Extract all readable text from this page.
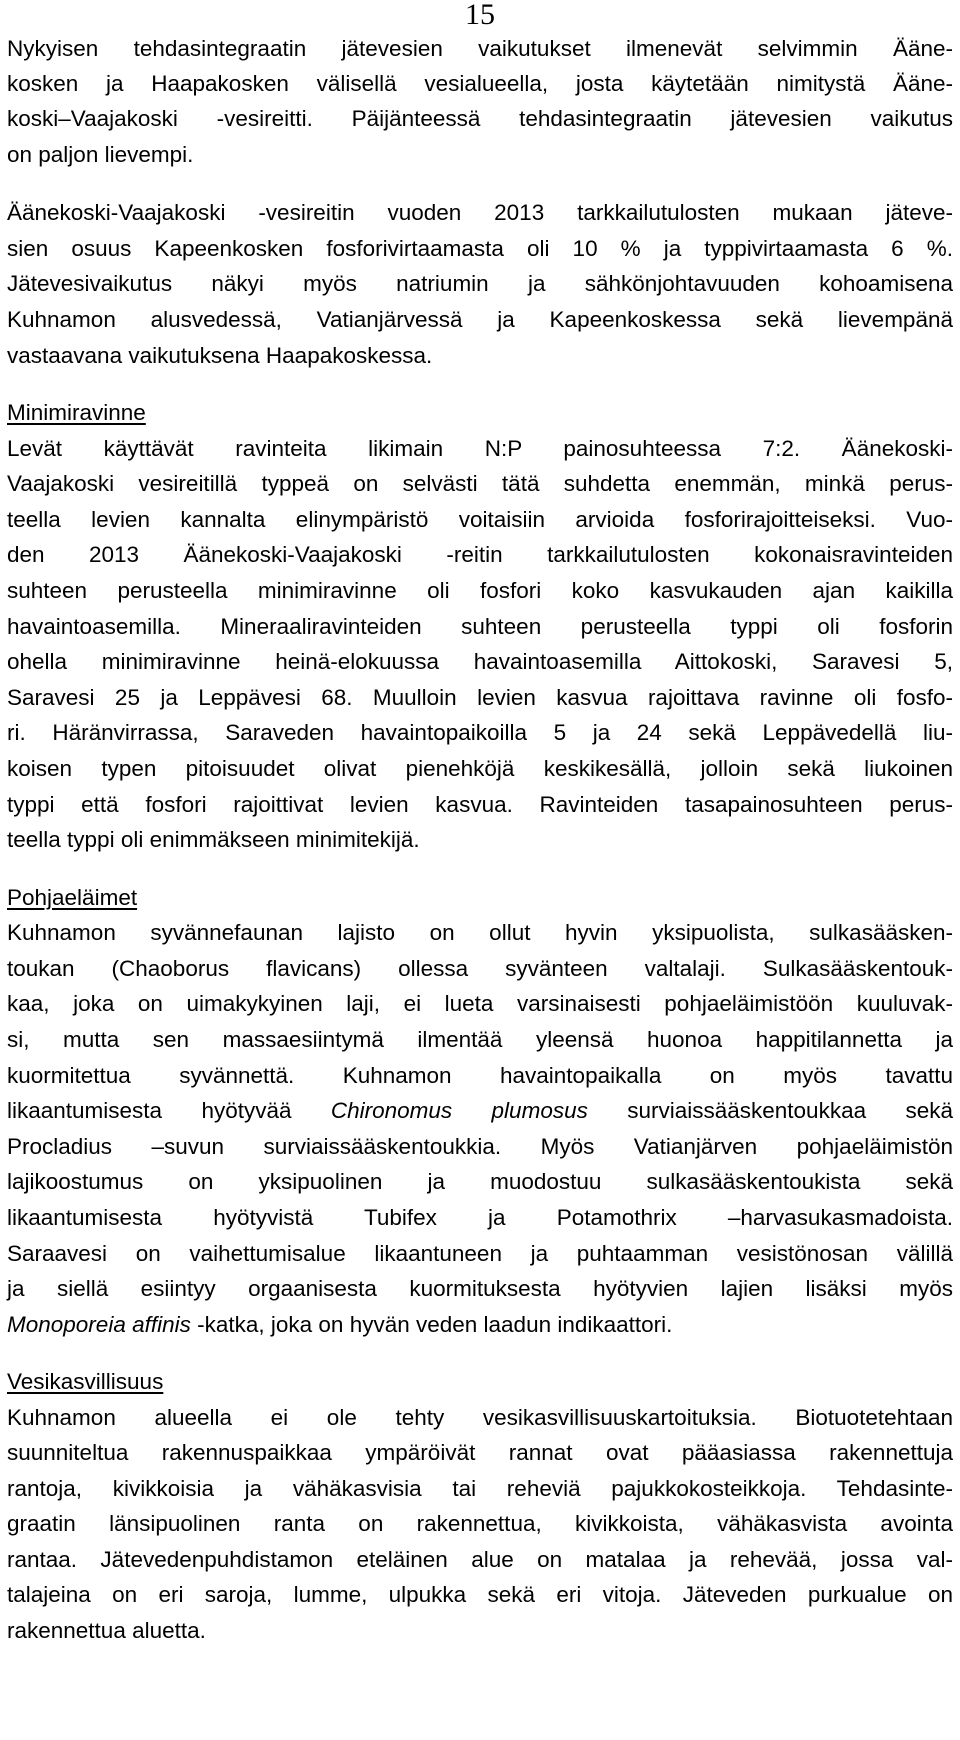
15
Nykyisen tehdasintegraatin jätevesien vaikutukset ilmenevät selvimmin Ääne-
kosken ja Haapakosken välisellä vesialueella, josta käytetään nimitystä Ääne-
koski–Vaajakoski -vesireitti. Päijänteessä tehdasintegraatin jätevesien vaikutus
on paljon lievempi.
Äänekoski-Vaajakoski -vesireitin vuoden 2013 tarkkailutulosten mukaan jäteve-
sien osuus Kapeenkosken fosforivirtaamasta oli 10 % ja typpivirtaamasta 6 %.
Jätevesivaikutus näkyi myös natriumin ja sähkönjohtavuuden kohoamisena
Kuhnamon alusvedessä, Vatianjärvessä ja Kapeenkoskessa sekä lievempänä
vastaavana vaikutuksena Haapakoskessa.
Minimiravinne
Levät käyttävät ravinteita likimain N:P painosuhteessa 7:2. Äänekoski-
Vaajakoski vesireitillä typpeä on selvästi tätä suhdetta enemmän, minkä perus-
teella levien kannalta elinympäristö voitaisiin arvioida fosforirajoitteiseksi. Vuo-
den 2013 Äänekoski-Vaajakoski -reitin tarkkailutulosten kokonaisravinteiden
suhteen perusteella minimiravinne oli fosfori koko kasvukauden ajan kaikilla
havaintoasemilla. Mineraaliravinteiden suhteen perusteella typpi oli fosforin
ohella minimiravinne heinä-elokuussa havaintoasemilla Aittokoski, Saravesi 5,
Saravesi 25 ja Leppävesi 68. Muulloin levien kasvua rajoittava ravinne oli fosfo-
ri. Häränvirrassa, Saraveden havaintopaikoilla 5 ja 24 sekä Leppävedellä liu-
koisen typen pitoisuudet olivat pienehköjä keskikesällä, jolloin sekä liukoinen
typpi että fosfori rajoittivat levien kasvua. Ravinteiden tasapainosuhteen perus-
teella typpi oli enimmäkseen minimitekijä.
Pohjaeläimet
Kuhnamon syvännefaunan lajisto on ollut hyvin yksipuolista, sulkasääsken-
toukan (Chaoborus flavicans) ollessa syvänteen valtalaji. Sulkasääskentouk-
kaa, joka on uimakykyinen laji, ei lueta varsinaisesti pohjaeläimistöön kuuluvak-
si, mutta sen massaesiintymä ilmentää yleensä huonoa happitilannetta ja
kuormitettua syvännettä. Kuhnamon havaintopaikalla on myös tavattu
likaantumisesta hyötyvää Chironomus plumosus surviaissääskentoukkaa sekä
Procladius –suvun surviaissääskentoukkia. Myös Vatianjärven pohjaeläimistön
lajikoostumus on yksipuolinen ja muodostuu sulkasääskentoukista sekä
likaantumisesta hyötyvistä Tubifex ja Potamothrix –harvasukasmadoista.
Saraavesi on vaihettumisalue likaantuneen ja puhtaamman vesistönosan välillä
ja siellä esiintyy orgaanisesta kuormituksesta hyötyvien lajien lisäksi myös
Monoporeia affinis -katka, joka on hyvän veden laadun indikaattori.
Vesikasvillisuus
Kuhnamon alueella ei ole tehty vesikasvillisuuskartoituksia. Biotuotetehtaan
suunniteltua rakennuspaikkaa ympäröivät rannat ovat pääasiassa rakennettuja
rantoja, kivikkoisia ja vähäkasvisia tai reheviä pajukkokosteikkoja. Tehdasinte-
graatin länsipuolinen ranta on rakennettua, kivikkoista, vähäkasvista avointa
rantaa. Jätevedenpuhdistamon eteläinen alue on matalaa ja rehevää, jossa val-
talajeina on eri saroja, lumme, ulpukka sekä eri vitoja. Jäteveden purkualue on
rakennettua aluetta.
